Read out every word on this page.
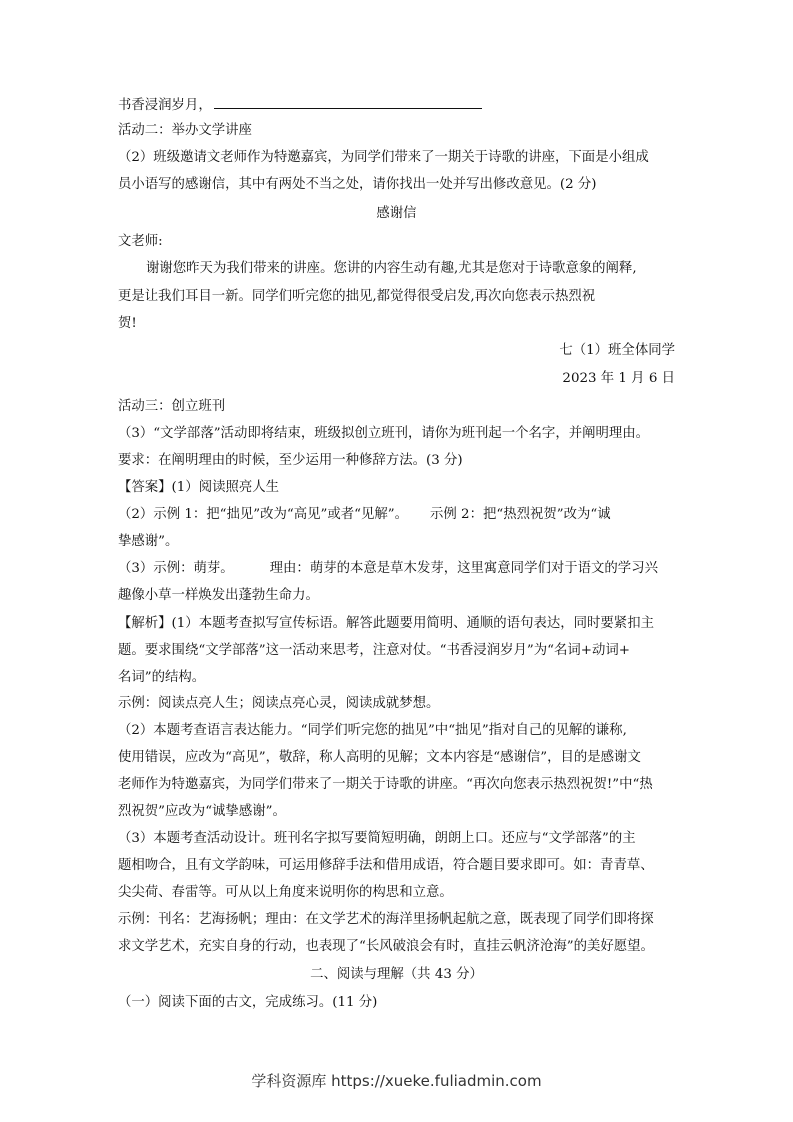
书香浸润岁月，
活动二：举办文学讲座
（2）班级邀请文老师作为特邀嘉宾，为同学们带来了一期关于诗歌的讲座，下面是小组成
员小语写的感谢信，其中有两处不当之处，请你找出一处并写出修改意见。(2 分)
感谢信
文老师:
谢谢您昨天为我们带来的讲座。您讲的内容生动有趣,尤其是您对于诗歌意象的阐释,
更是让我们耳目一新。同学们听完您的拙见,都觉得很受启发,再次向您表示热烈祝
贺!
七（1）班全体同学
2023 年 1 月 6 日
活动三：创立班刊
（3）“文学部落”活动即将结束，班级拟创立班刊，请你为班刊起一个名字，并阐明理由。
要求：在阐明理由的时候，至少运用一种修辞方法。(3 分)
【答案】(1）阅读照亮人生
（2）示例 1：把“拙见”改为“高见”或者“见解”。 示例 2：把“热烈祝贺”改为“诚
挚感谢”。
（3）示例：萌芽。	理由：萌芽的本意是草木发芽，这里寓意同学们对于语文的学习兴
趣像小草一样焕发出蓬勃生命力。
【解析】(1）本题考查拟写宣传标语。解答此题要用简明、通顺的语句表达，同时要紧扣主
题。要求围绕“文学部落”这一活动来思考，注意对仗。“书香浸润岁月”为“名词+动词+
名词”的结构。
示例：阅读点亮人生；阅读点亮心灵，阅读成就梦想。
（2）本题考查语言表达能力。“同学们听完您的拙见”中“拙见”指对自己的见解的谦称,
使用错误，应改为“高见”，敬辞，称人高明的见解；文本内容是“感谢信”，目的是感谢文
老师作为特邀嘉宾，为同学们带来了一期关于诗歌的讲座。“再次向您表示热烈祝贺!”中“热
烈祝贺”应改为“诚挚感谢”。
（3）本题考查活动设计。班刊名字拟写要简短明确，朗朗上口。还应与“文学部落”的主
题相吻合，且有文学韵味，可运用修辞手法和借用成语，符合题目要求即可。如：青青草、
尖尖荷、春雷等。可从以上角度来说明你的构思和立意。
示例：刊名：艺海扬帆；理由：在文学艺术的海洋里扬帆起航之意，既表现了同学们即将探
求文学艺术，充实自身的行动，也表现了“长风破浪会有时，直挂云帆济沧海”的美好愿望。
二、阅读与理解（共 43 分）
（一）阅读下面的古文，完成练习。(11 分)
学科资源库 https://xueke.fuliadmin.com
